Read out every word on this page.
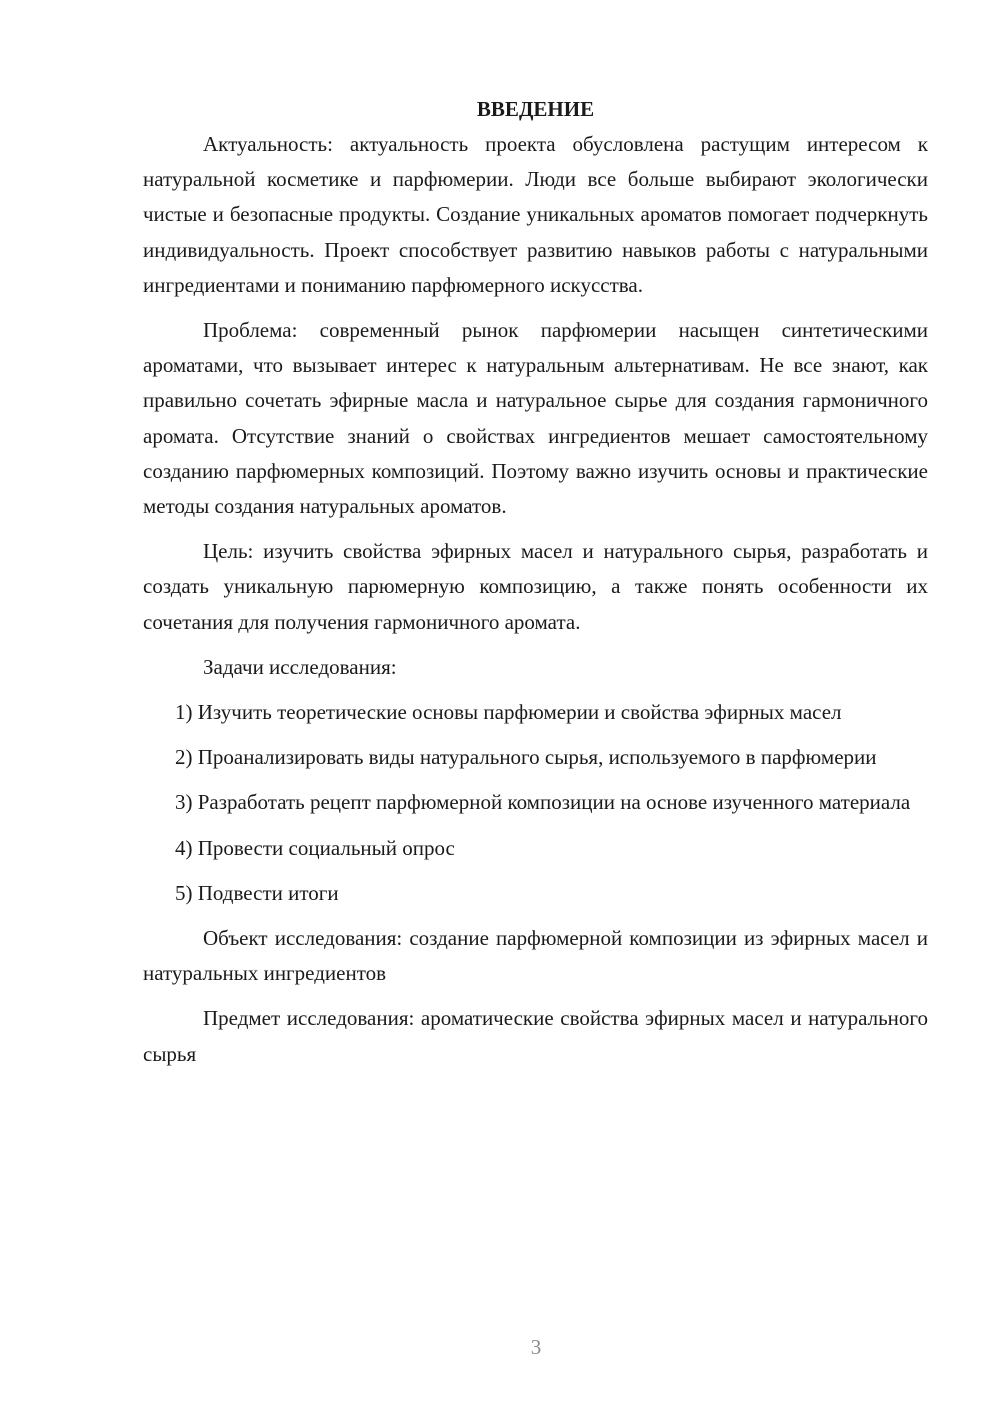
ВВЕДЕНИЕ

Актуальность: актуальность проекта обусловлена растущим интересом к натуральной косметике и парфюмерии. Люди все больше выбирают экологически чистые и безопасные продукты. Создание уникальных ароматов помогает подчеркнуть индивидуальность. Проект способствует развитию навыков работы с натуральными ингредиентами и пониманию парфюмерного искусства.

Проблема: современный рынок парфюмерии насыщен синтетическими ароматами, что вызывает интерес к натуральным альтернативам. Не все знают, как правильно сочетать эфирные масла и натуральное сырье для создания гармоничного аромата. Отсутствие знаний о свойствах ингредиентов мешает самостоятельному созданию парфюмерных композиций. Поэтому важно изучить основы и практические методы создания натуральных ароматов.

Цель: изучить свойства эфирных масел и натурального сырья, разработать и создать уникальную парюмерную композицию, а также понять особенности их сочетания для получения гармоничного аромата.

Задачи исследования:

1) Изучить теоретические основы парфюмерии и свойства эфирных масел

2) Проанализировать виды натурального сырья, используемого в парфюмерии

3) Разработать рецепт парфюмерной композиции на основе изученного материала

4) Провести социальный опрос

5) Подвести итоги

Объект исследования: создание парфюмерной композиции из эфирных масел и натуральных ингредиентов

Предмет исследования: ароматические свойства эфирных масел и натурального сырья

3
